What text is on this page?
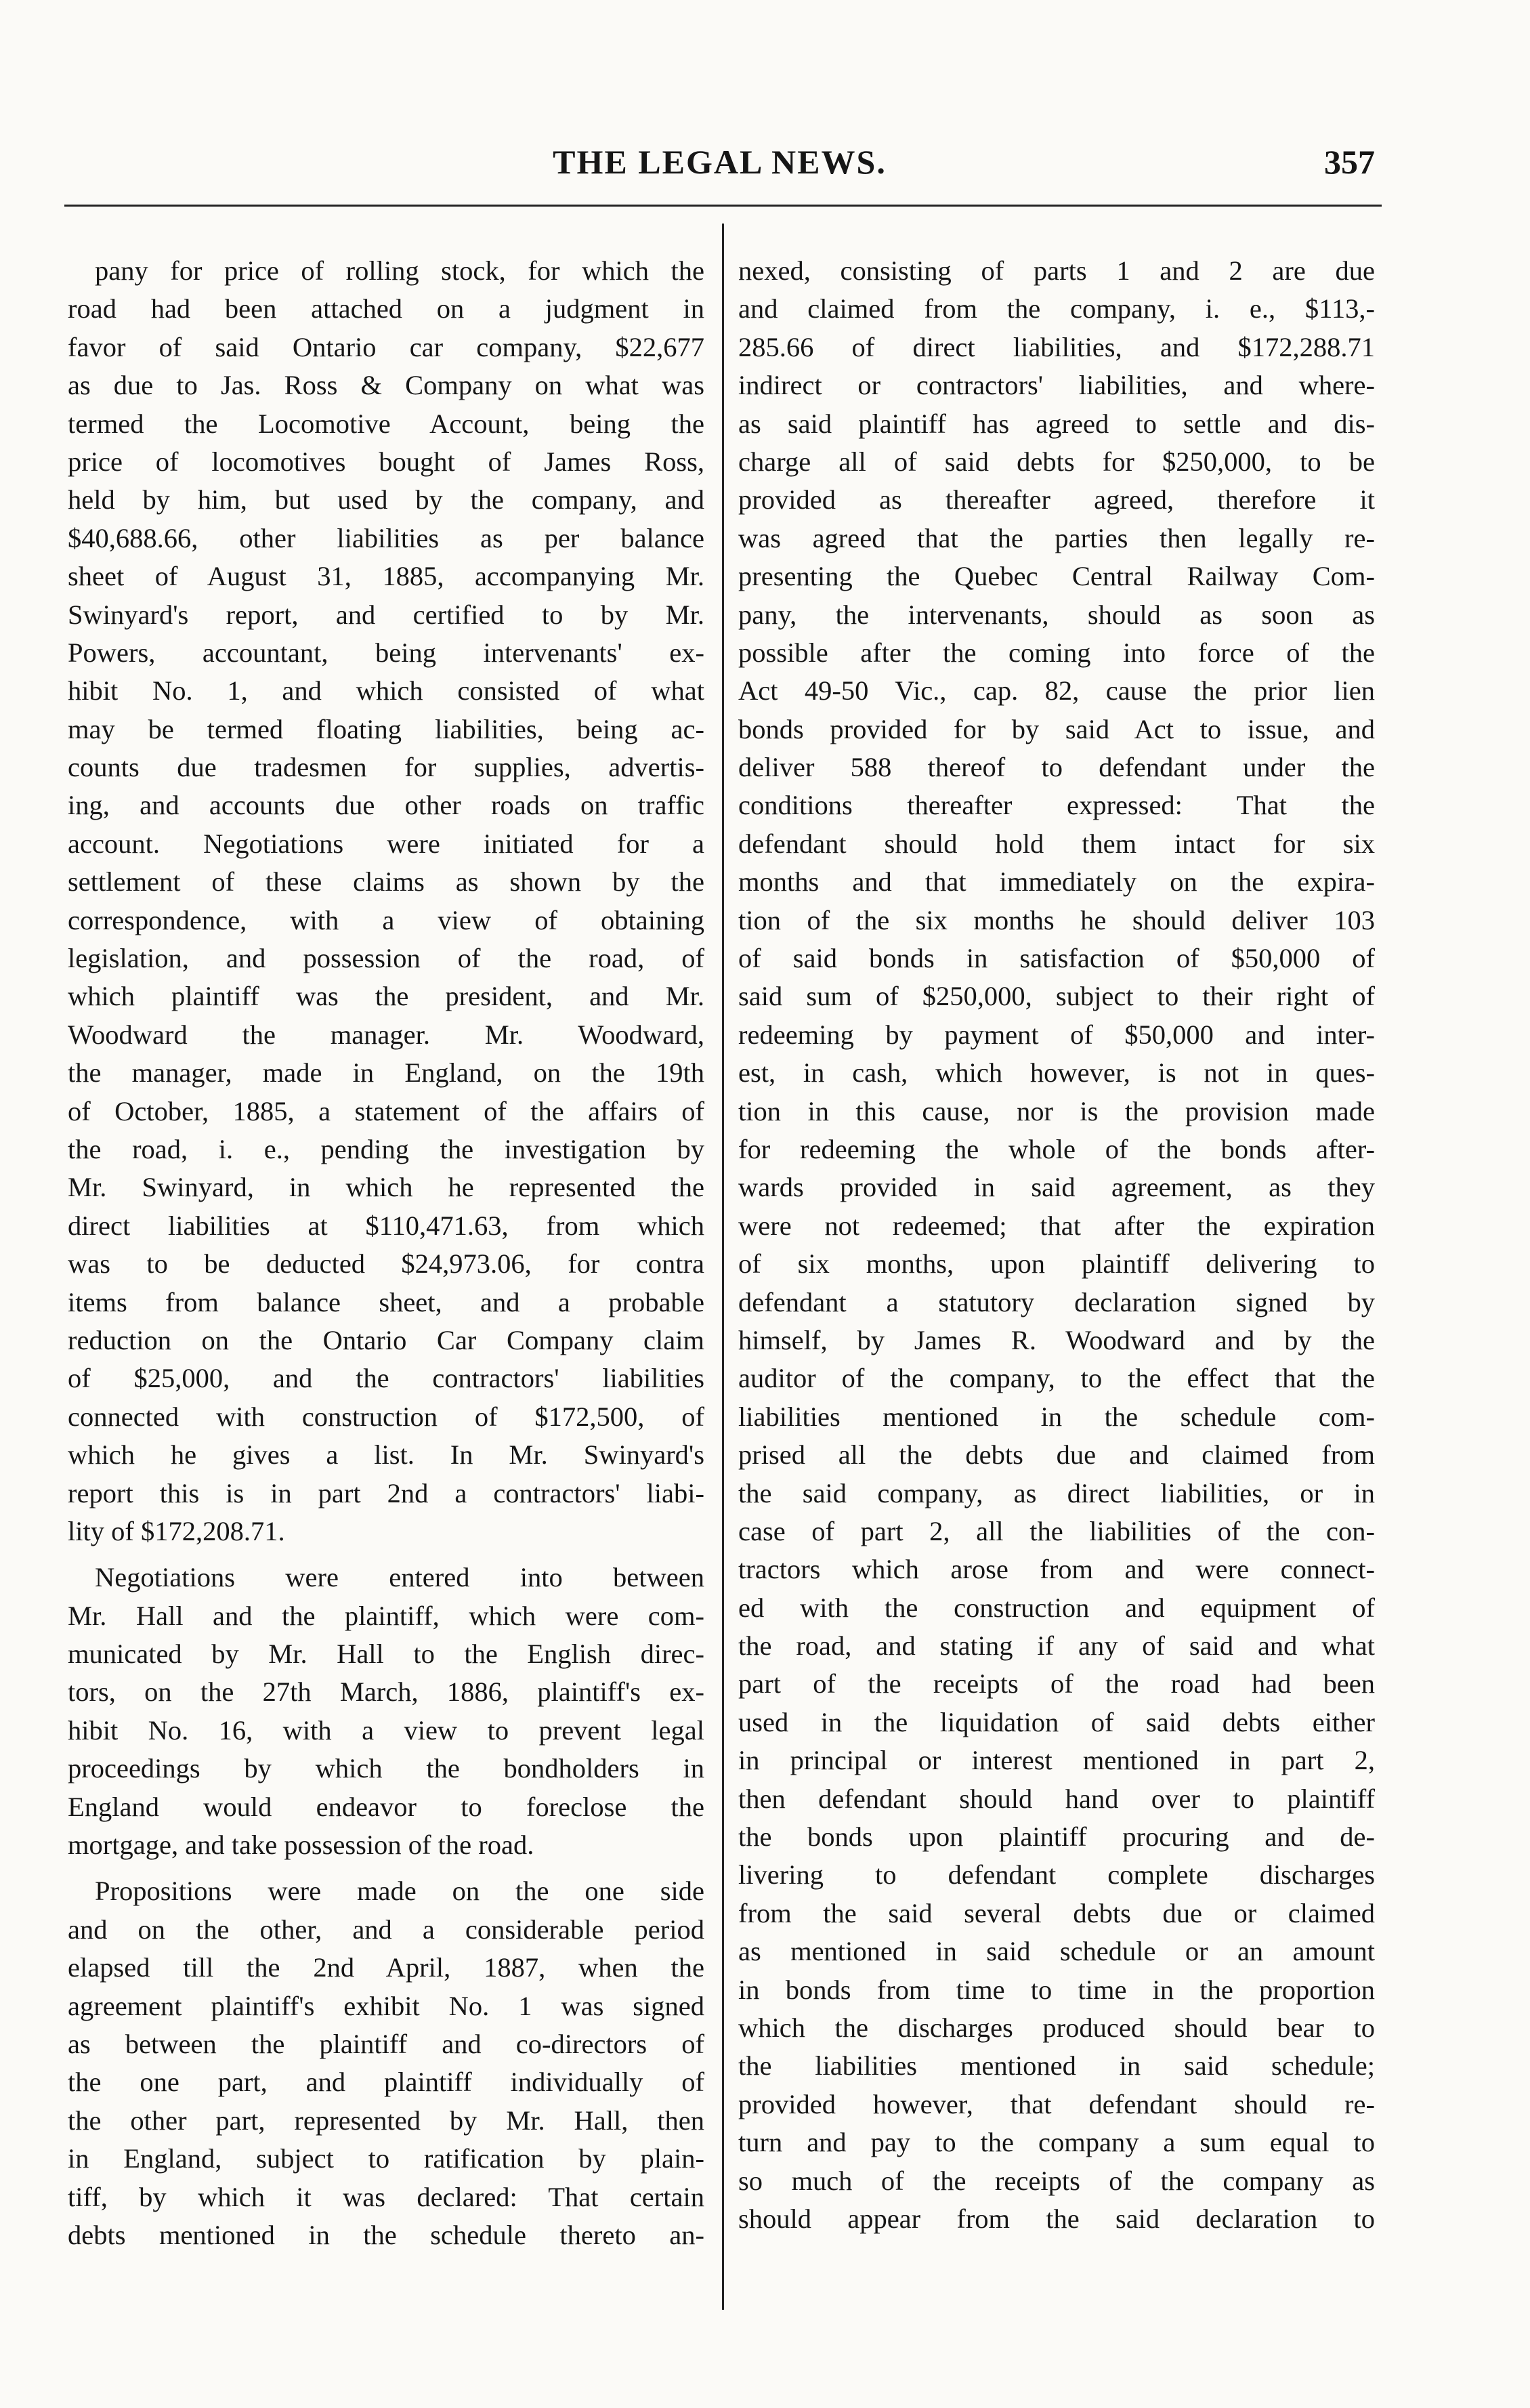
THE LEGAL NEWS.	357
pany for price of rolling stock, for which the
road had been attached on a judgment in
favor of said Ontario car company, $22,677
as due to Jas. Ross & Company on what was
termed the Locomotive Account, being the
price of locomotives bought of James Ross,
held by him, but used by the company, and
$40,688.66, other liabilities as per balance
sheet of August 31, 1885, accompanying Mr.
Swinyard's report, and certified to by Mr.
Powers, accountant, being intervenants' ex-
hibit No. 1, and which consisted of what
may be termed floating liabilities, being ac-
counts due tradesmen for supplies, advertis-
ing, and accounts due other roads on traffic
account. Negotiations were initiated for a
settlement of these claims as shown by the
correspondence, with a view of obtaining
legislation, and possession of the road, of
which plaintiff was the president, and Mr.
Woodward the manager. Mr. Woodward,
the manager, made in England, on the 19th
of October, 1885, a statement of the affairs of
the road, i. e., pending the investigation by
Mr. Swinyard, in which he represented the
direct liabilities at $110,471.63, from which
was to be deducted $24,973.06, for contra
items from balance sheet, and a probable
reduction on the Ontario Car Company claim
of $25,000, and the contractors' liabilities
connected with construction of $172,500, of
which he gives a list. In Mr. Swinyard's
report this is in part 2nd a contractors' liabi-
lity of $172,208.71.
Negotiations were entered into between
Mr. Hall and the plaintiff, which were com-
municated by Mr. Hall to the English direc-
tors, on the 27th March, 1886, plaintiff's ex-
hibit No. 16, with a view to prevent legal
proceedings by which the bondholders in
England would endeavor to foreclose the
mortgage, and take possession of the road.
Propositions were made on the one side
and on the other, and a considerable period
elapsed till the 2nd April, 1887, when the
agreement plaintiff's exhibit No. 1 was signed
as between the plaintiff and co-directors of
the one part, and plaintiff individually of
the other part, represented by Mr. Hall, then
in England, subject to ratification by plain-
tiff, by which it was declared: That certain
debts mentioned in the schedule thereto an-
nexed, consisting of parts 1 and 2 are due
and claimed from the company, i. e., $113,-
285.66 of direct liabilities, and $172,288.71
indirect or contractors' liabilities, and where-
as said plaintiff has agreed to settle and dis-
charge all of said debts for $250,000, to be
provided as thereafter agreed, therefore it
was agreed that the parties then legally re-
presenting the Quebec Central Railway Com-
pany, the intervenants, should as soon as
possible after the coming into force of the
Act 49-50 Vic., cap. 82, cause the prior lien
bonds provided for by said Act to issue, and
deliver 588 thereof to defendant under the
conditions thereafter expressed: That the
defendant should hold them intact for six
months and that immediately on the expira-
tion of the six months he should deliver 103
of said bonds in satisfaction of $50,000 of
said sum of $250,000, subject to their right of
redeeming by payment of $50,000 and inter-
est, in cash, which however, is not in ques-
tion in this cause, nor is the provision made
for redeeming the whole of the bonds after-
wards provided in said agreement, as they
were not redeemed; that after the expiration
of six months, upon plaintiff delivering to
defendant a statutory declaration signed by
himself, by James R. Woodward and by the
auditor of the company, to the effect that the
liabilities mentioned in the schedule com-
prised all the debts due and claimed from
the said company, as direct liabilities, or in
case of part 2, all the liabilities of the con-
tractors which arose from and were connect-
ed with the construction and equipment of
the road, and stating if any of said and what
part of the receipts of the road had been
used in the liquidation of said debts either
in principal or interest mentioned in part 2,
then defendant should hand over to plaintiff
the bonds upon plaintiff procuring and de-
livering to defendant complete discharges
from the said several debts due or claimed
as mentioned in said schedule or an amount
in bonds from time to time in the proportion
which the discharges produced should bear to
the liabilities mentioned in said schedule;
provided however, that defendant should re-
turn and pay to the company a sum equal to
so much of the receipts of the company as
should appear from the said declaration to
